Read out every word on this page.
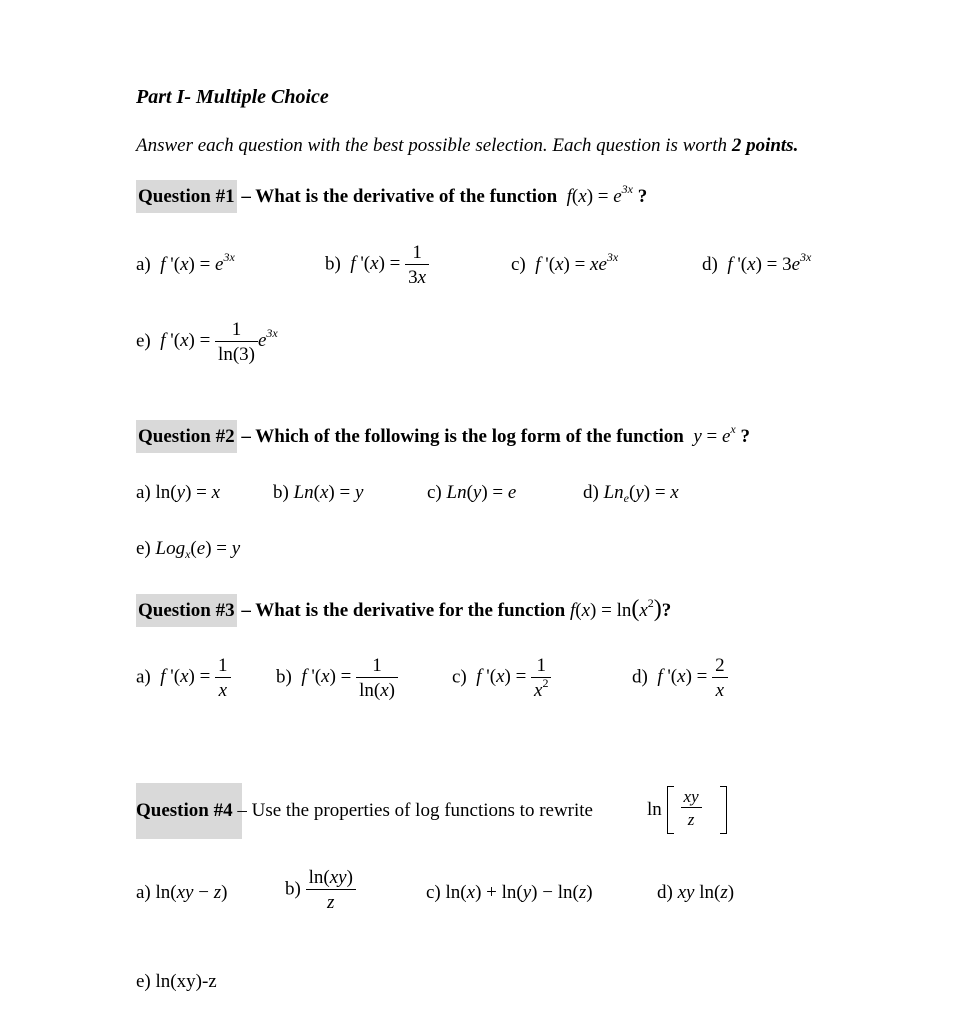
Part I- Multiple Choice
Answer each question with the best possible selection. Each question is worth 2 points.
Question #1 – What is the derivative of the function f(x) = e$^{3x}$ ?
a) f '(x) = e$^{3x}$	b) f '$(x) = \frac{1}{3x}$	c) f '(x) = xe$^{3x}$	d) f '(x) = 3e$^{3x}$
e) f '$(x) = \frac{1}{\ln(3)} e^{3x}$
Question #2 – Which of the following is the log form of the function y = e$^x$ ?
a) ln(y) = x	b) Ln(x) = y	c) Ln(y) = e	d) $Ln_e(y) = x$
e) Log$_x$(e) = y
Question #3 – What is the derivative for the function $f(x) = \ln(x^2)$?
a) f '$(x) = \frac{1}{x} b$) f '$(x) = \frac{1}{\ln(x)}$	c) f '$(x) = \frac{1}{x^2}$	d) f '$(x) = \frac{2}{x}$
Question #4 – Use the properties of log functions to rewrite	$\ln \frac{xy}{z}$
a) ln(xy − z)	$b) \frac{\ln(xy)}{z}$	c) ln(x) + ln(y) − ln(z)	d) xy ln(z)
e) ln(xy)-z
